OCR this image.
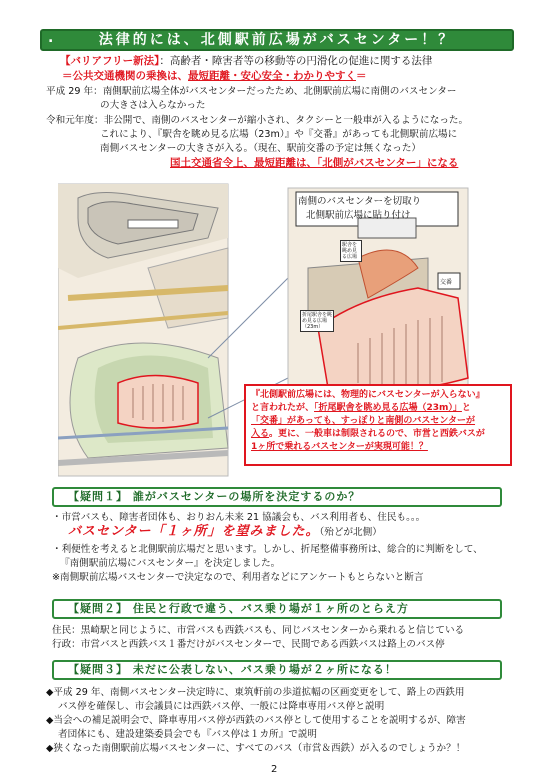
.	法律的には、北側駅前広場がバスセンター！？
【バリアフリー新法】：高齢者・障害者等の移動等の円滑化の促進に関する法律
＝公共交通機関の乗換は、最短距離・安心安全・わかりやすく＝
平成 29 年：南側駅前広場全体がバスセンターだったため、北側駅前広場に南側のバスセンター
の大きさは入らなかった
令和元年度：非公開で、南側のバスセンターが縮小され、タクシーと一般車が入るようになった。
これにより、『駅舎を眺め見る広場（23m）』や『交番』があっても北側駅前広場に
南側バスセンターの大きさが入る。（現在、駅前交番の予定は無くなった）
国土交通省令上、最短距離は、「北側がバスセンター」になる
南側のバスセンターを切取り
北側駅前広場に貼り付け
交番
駅舎を眺め見る広場
折尾駅舎を眺め見る広場（23m）
『北側駅前広場には、物理的にバスセンターが入らない』
と言われたが、「折尾駅舎を眺め見る広場（23m）」と
「交番」があっても、すっぽりと南側のバスセンターが
入る。更に、一般車は制限されるので、市営と西鉄バスが
1ヶ所で乗れるバスセンターが実現可能！？
【疑問１】 誰がバスセンターの場所を決定するのか？
・市営バスも、障害者団体も、おりおん未来 21 協議会も、バス利用者も、住民も。。。
バスセンター「１ヶ所」を望みました。（殆どが北側）
・利便性を考えると北側駅前広場だと思います。しかし、折尾整備事務所は、総合的に判断をして、
『南側駅前広場にバスセンター』を決定しました。
※南側駅前広場バスセンターで決定なので、利用者などにアンケートもとらないと断言
【疑問２】 住民と行政で違う、バス乗り場が１ヶ所のとらえ方
住民：黒崎駅と同じように、市営バスも西鉄バスも、同じバスセンターから乗れると信じている
行政：市営バスと西鉄バス１番だけがバスセンターで、民間である西鉄バスは路上のバス停
【疑問３】 未だに公表しない、バス乗り場が２ヶ所になる！
◆平成 29 年、南側バスセンター決定時に、東筑軒前の歩道拡幅の区画変更をして、路上の西鉄用
バス停を確保し、市会議員には西鉄バス停、一般には降車専用バス停と説明
◆当会への補足説明会で、降車専用バス停が西鉄のバス停として使用することを説明するが、障害
者団体にも、建設建築委員会でも『バス停は１カ所』で説明
◆狭くなった南側駅前広場バスセンターに、すべてのバス（市営＆西鉄）が入るのでしょうか？！
2
